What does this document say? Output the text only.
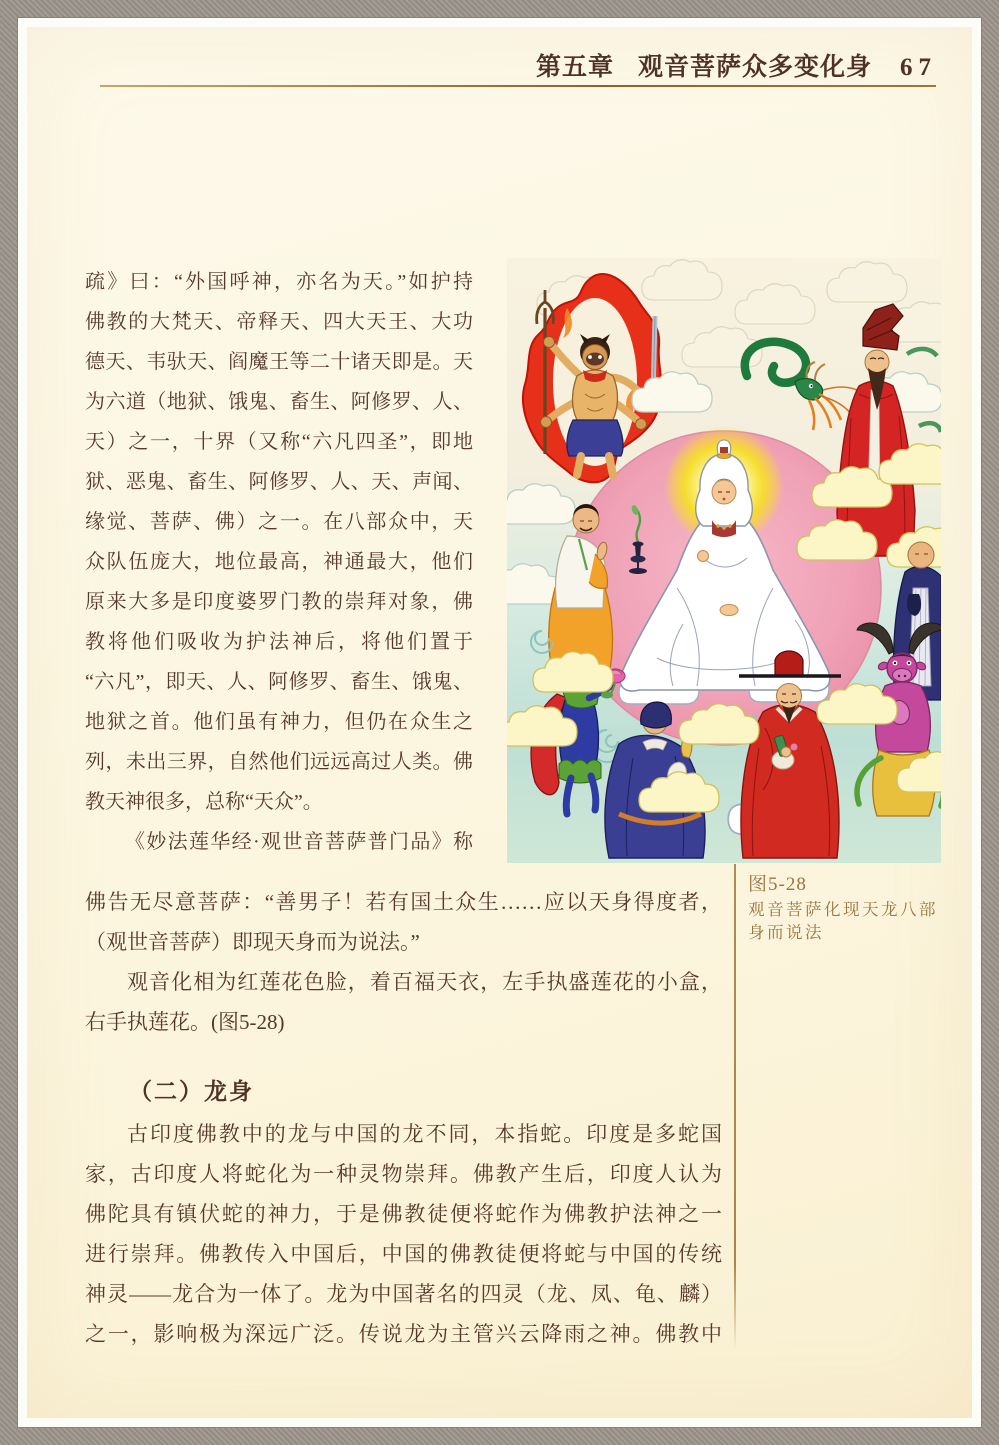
第五章 观音菩萨众多变化身 67
疏》曰：“外国呼神，亦名为天。”如护持
佛教的大梵天、帝释天、四大天王、大功
德天、韦驮天、阎魔王等二十诸天即是。天
为六道（地狱、饿鬼、畜生、阿修罗、人、
天）之一，十界（又称“六凡四圣”，即地
狱、恶鬼、畜生、阿修罗、人、天、声闻、
缘觉、菩萨、佛）之一。在八部众中，天
众队伍庞大，地位最高，神通最大，他们
原来大多是印度婆罗门教的崇拜对象，佛
教将他们吸收为护法神后，将他们置于
“六凡”，即天、人、阿修罗、畜生、饿鬼、
地狱之首。他们虽有神力，但仍在众生之
列，未出三界，自然他们远远高过人类。佛
教天神很多，总称“天众”。
《妙法莲华经·观世音菩萨普门品》称
佛告无尽意菩萨：“善男子！若有国土众生……应以天身得度者，
（观世音菩萨）即现天身而为说法。”
观音化相为红莲花色脸，着百福天衣，左手执盛莲花的小盒，
右手执莲花。(图5-28)
（二）龙身
古印度佛教中的龙与中国的龙不同，本指蛇。印度是多蛇国
家，古印度人将蛇化为一种灵物崇拜。佛教产生后，印度人认为
佛陀具有镇伏蛇的神力，于是佛教徒便将蛇作为佛教护法神之一
进行崇拜。佛教传入中国后，中国的佛教徒便将蛇与中国的传统
神灵——龙合为一体了。龙为中国著名的四灵（龙、凤、龟、麟）
之一，影响极为深远广泛。传说龙为主管兴云降雨之神。佛教中
图5-28
观音菩萨化现天龙八部
身而说法
